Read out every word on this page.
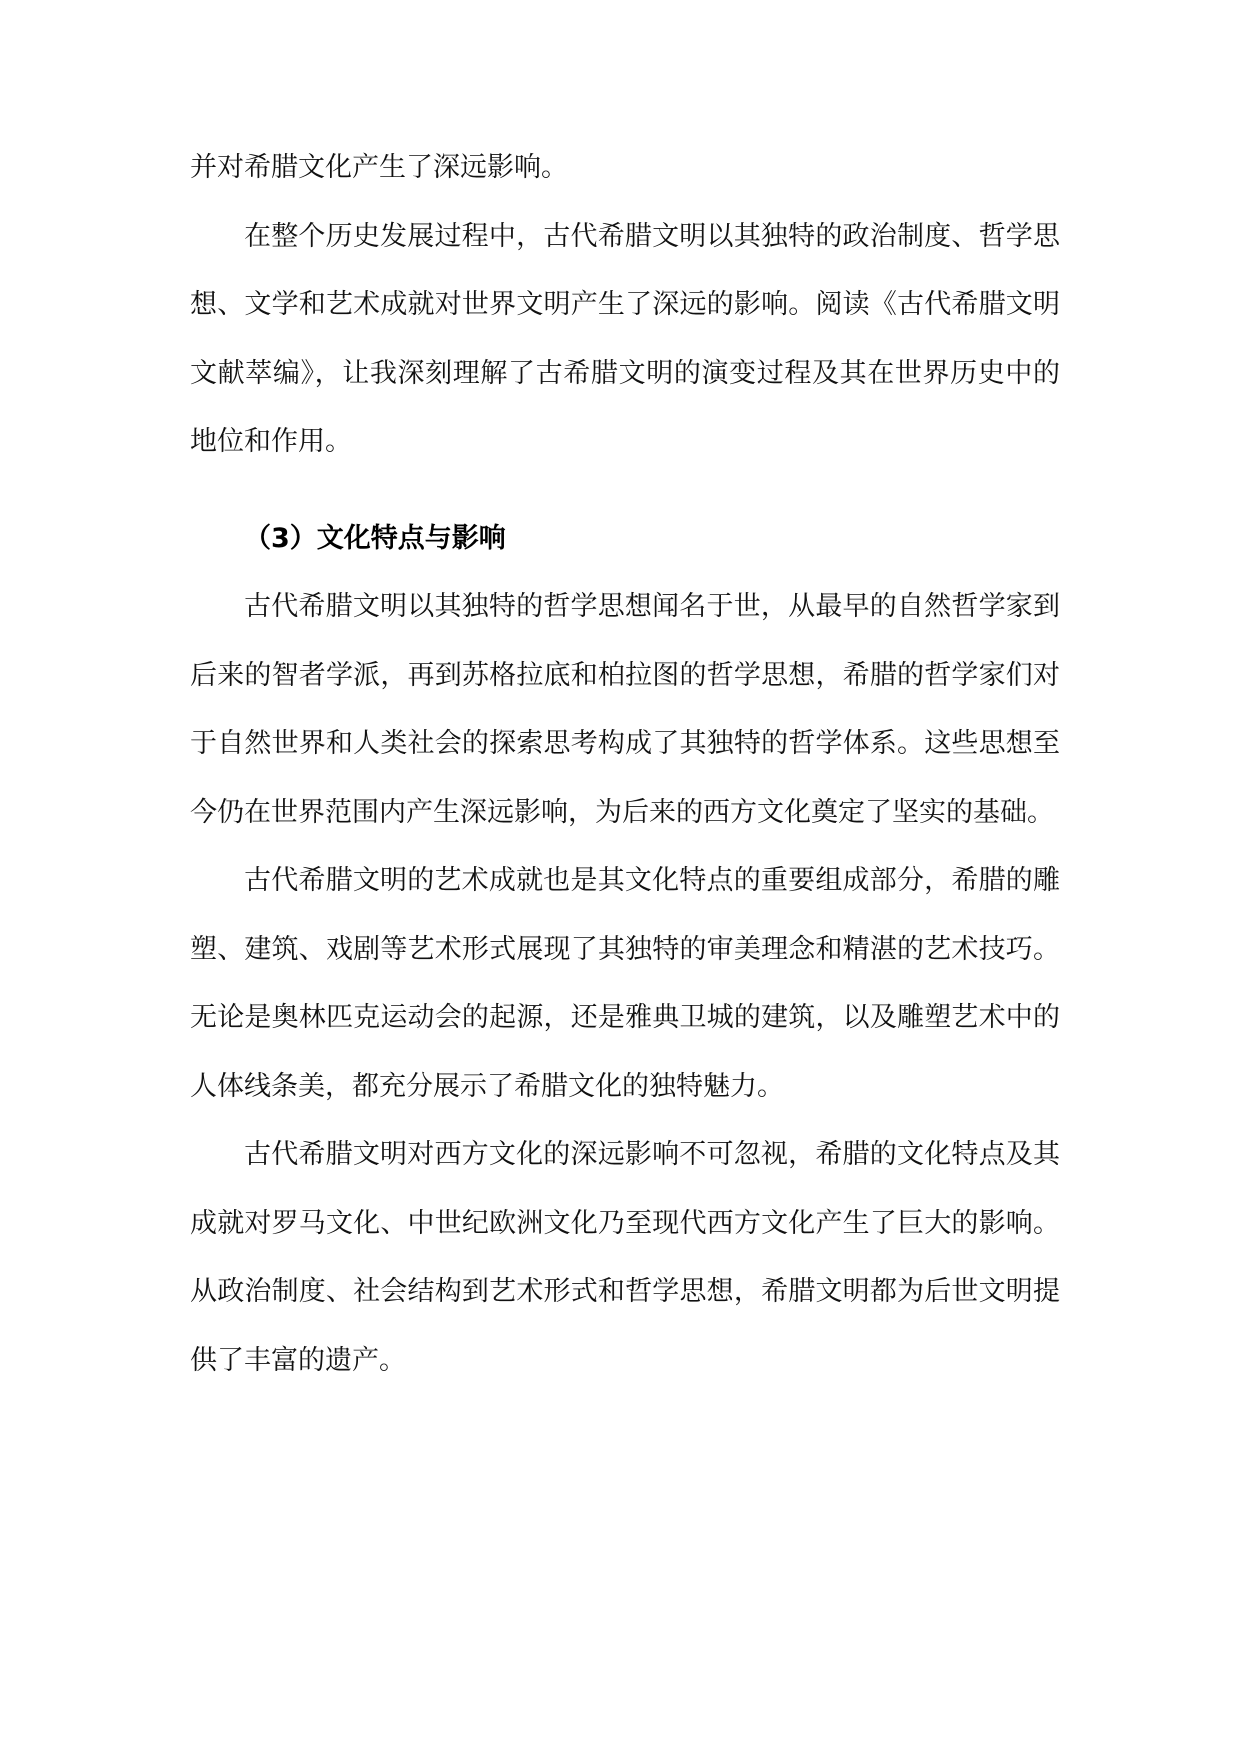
并对希腊文化产生了深远影响。

在整个历史发展过程中，古代希腊文明以其独特的政治制度、哲学思想、文学和艺术成就对世界文明产生了深远的影响。阅读《古代希腊文明文献萃编》，让我深刻理解了古希腊文明的演变过程及其在世界历史中的地位和作用。

（3）文化特点与影响

古代希腊文明以其独特的哲学思想闻名于世，从最早的自然哲学家到后来的智者学派，再到苏格拉底和柏拉图的哲学思想，希腊的哲学家们对于自然世界和人类社会的探索思考构成了其独特的哲学体系。这些思想至今仍在世界范围内产生深远影响，为后来的西方文化奠定了坚实的基础。

古代希腊文明的艺术成就也是其文化特点的重要组成部分，希腊的雕塑、建筑、戏剧等艺术形式展现了其独特的审美理念和精湛的艺术技巧。无论是奥林匹克运动会的起源，还是雅典卫城的建筑，以及雕塑艺术中的人体线条美，都充分展示了希腊文化的独特魅力。

古代希腊文明对西方文化的深远影响不可忽视，希腊的文化特点及其成就对罗马文化、中世纪欧洲文化乃至现代西方文化产生了巨大的影响。从政治制度、社会结构到艺术形式和哲学思想，希腊文明都为后世文明提供了丰富的遗产。
